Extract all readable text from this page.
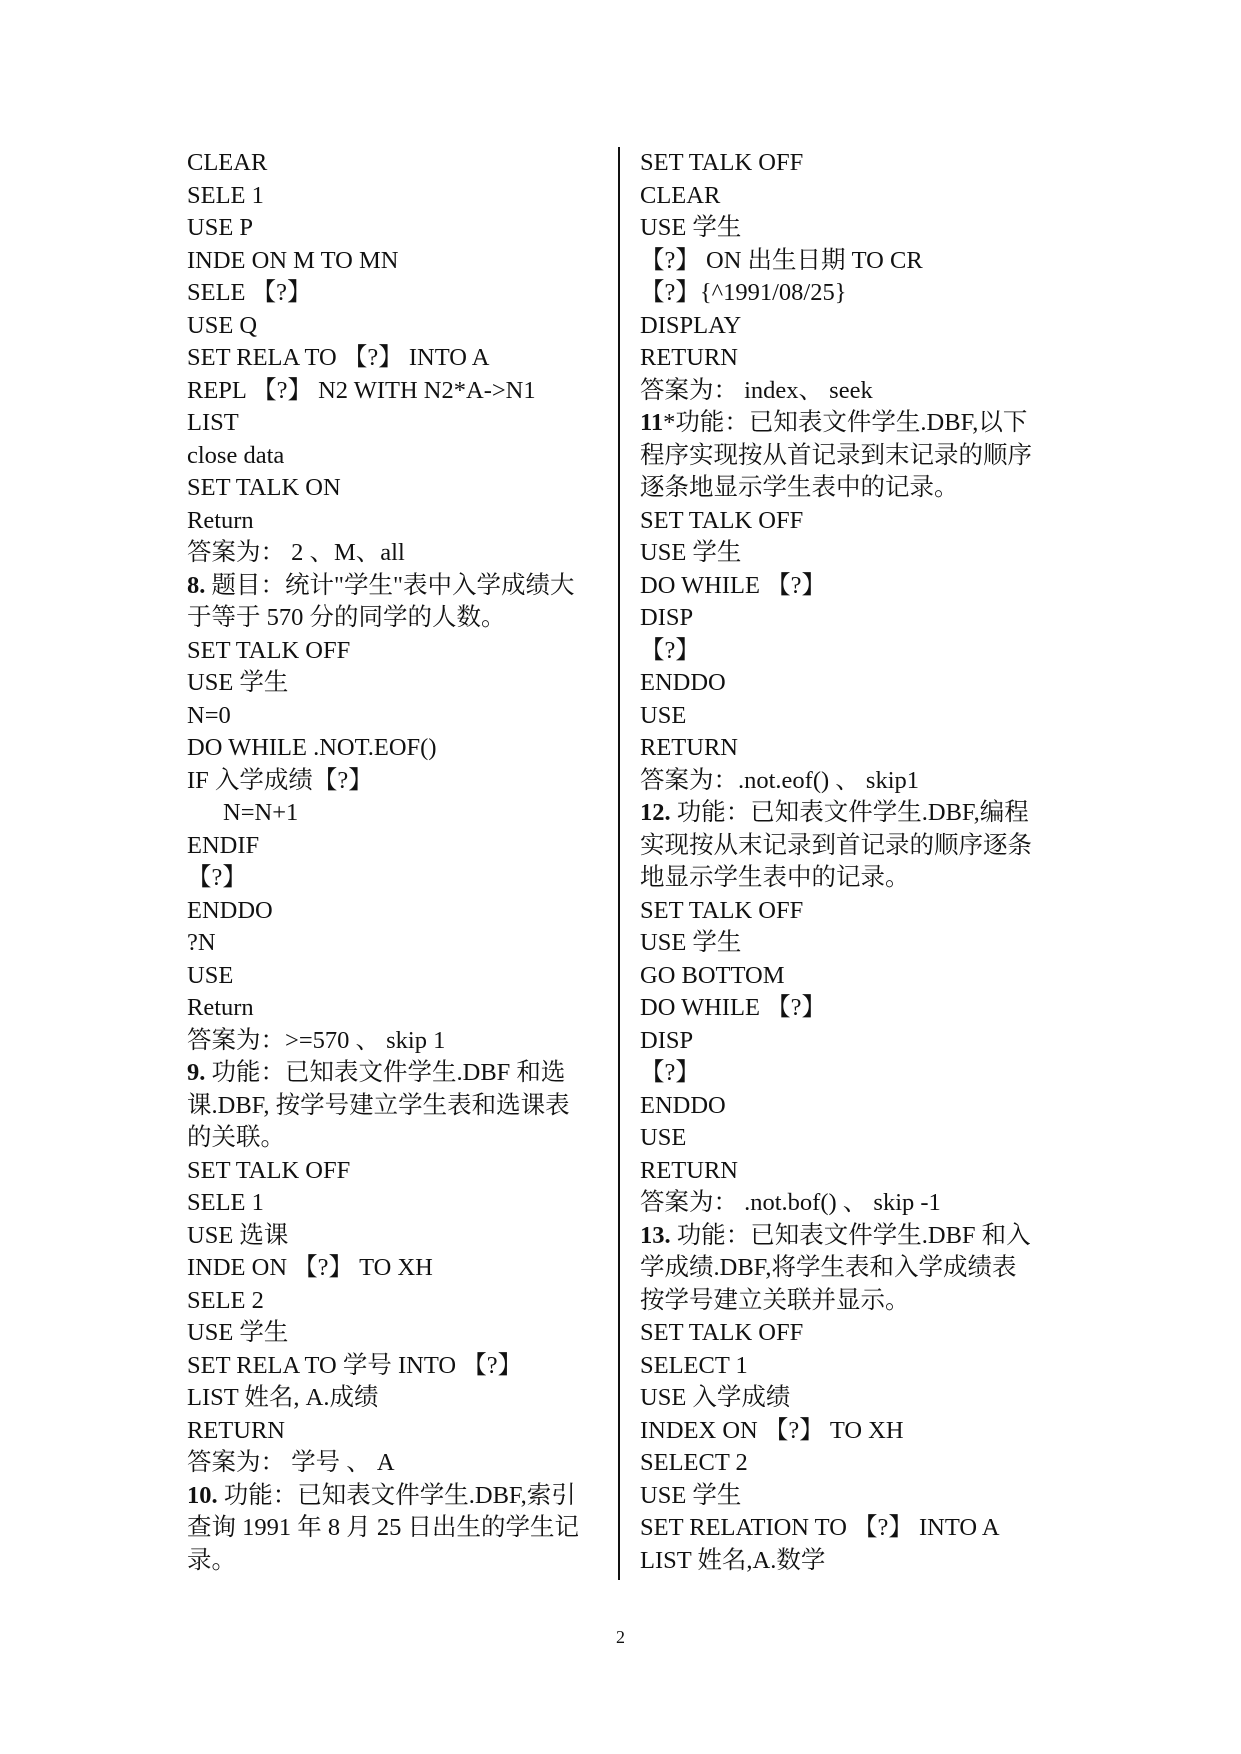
CLEAR
SELE 1
USE P
INDE ON M TO MN
SELE 【?】
USE Q
SET RELA TO 【?】 INTO A
REPL 【?】 N2 WITH N2*A->N1
LIST
close data
SET TALK ON
Return
答案为： 2 、M、all
8. 题目：统计"学生"表中入学成绩大
于等于 570 分的同学的人数。
SET TALK OFF
USE 学生
N=0
DO WHILE .NOT.EOF()
IF 入学成绩【?】
N=N+1
ENDIF
【?】
ENDDO
?N
USE
Return
答案为：>=570 、 skip 1
9. 功能：已知表文件学生.DBF 和选
课.DBF, 按学号建立学生表和选课表
的关联。
SET TALK OFF
SELE 1
USE 选课
INDE ON 【?】 TO XH
SELE 2
USE 学生
SET RELA TO 学号 INTO 【?】
LIST 姓名, A.成绩
RETURN
答案为： 学号 、 A
10. 功能：已知表文件学生.DBF,索引
查询 1991 年 8 月 25 日出生的学生记
录。
SET TALK OFF
CLEAR
USE 学生
【?】 ON 出生日期 TO CR
【?】{^1991/08/25}
DISPLAY
RETURN
答案为： index、 seek
11*功能：已知表文件学生.DBF,以下
程序实现按从首记录到末记录的顺序
逐条地显示学生表中的记录。
SET TALK OFF
USE 学生
DO WHILE 【?】
DISP
【?】
ENDDO
USE
RETURN
答案为：.not.eof() 、 skip1
12. 功能：已知表文件学生.DBF,编程
实现按从末记录到首记录的顺序逐条
地显示学生表中的记录。
SET TALK OFF
USE 学生
GO BOTTOM
DO WHILE 【?】
DISP
【?】
ENDDO
USE
RETURN
答案为： .not.bof() 、 skip -1
13. 功能：已知表文件学生.DBF 和入
学成绩.DBF,将学生表和入学成绩表
按学号建立关联并显示。
SET TALK OFF
SELECT 1
USE 入学成绩
INDEX ON 【?】 TO XH
SELECT 2
USE 学生
SET RELATION TO 【?】 INTO A
LIST 姓名,A.数学
2
